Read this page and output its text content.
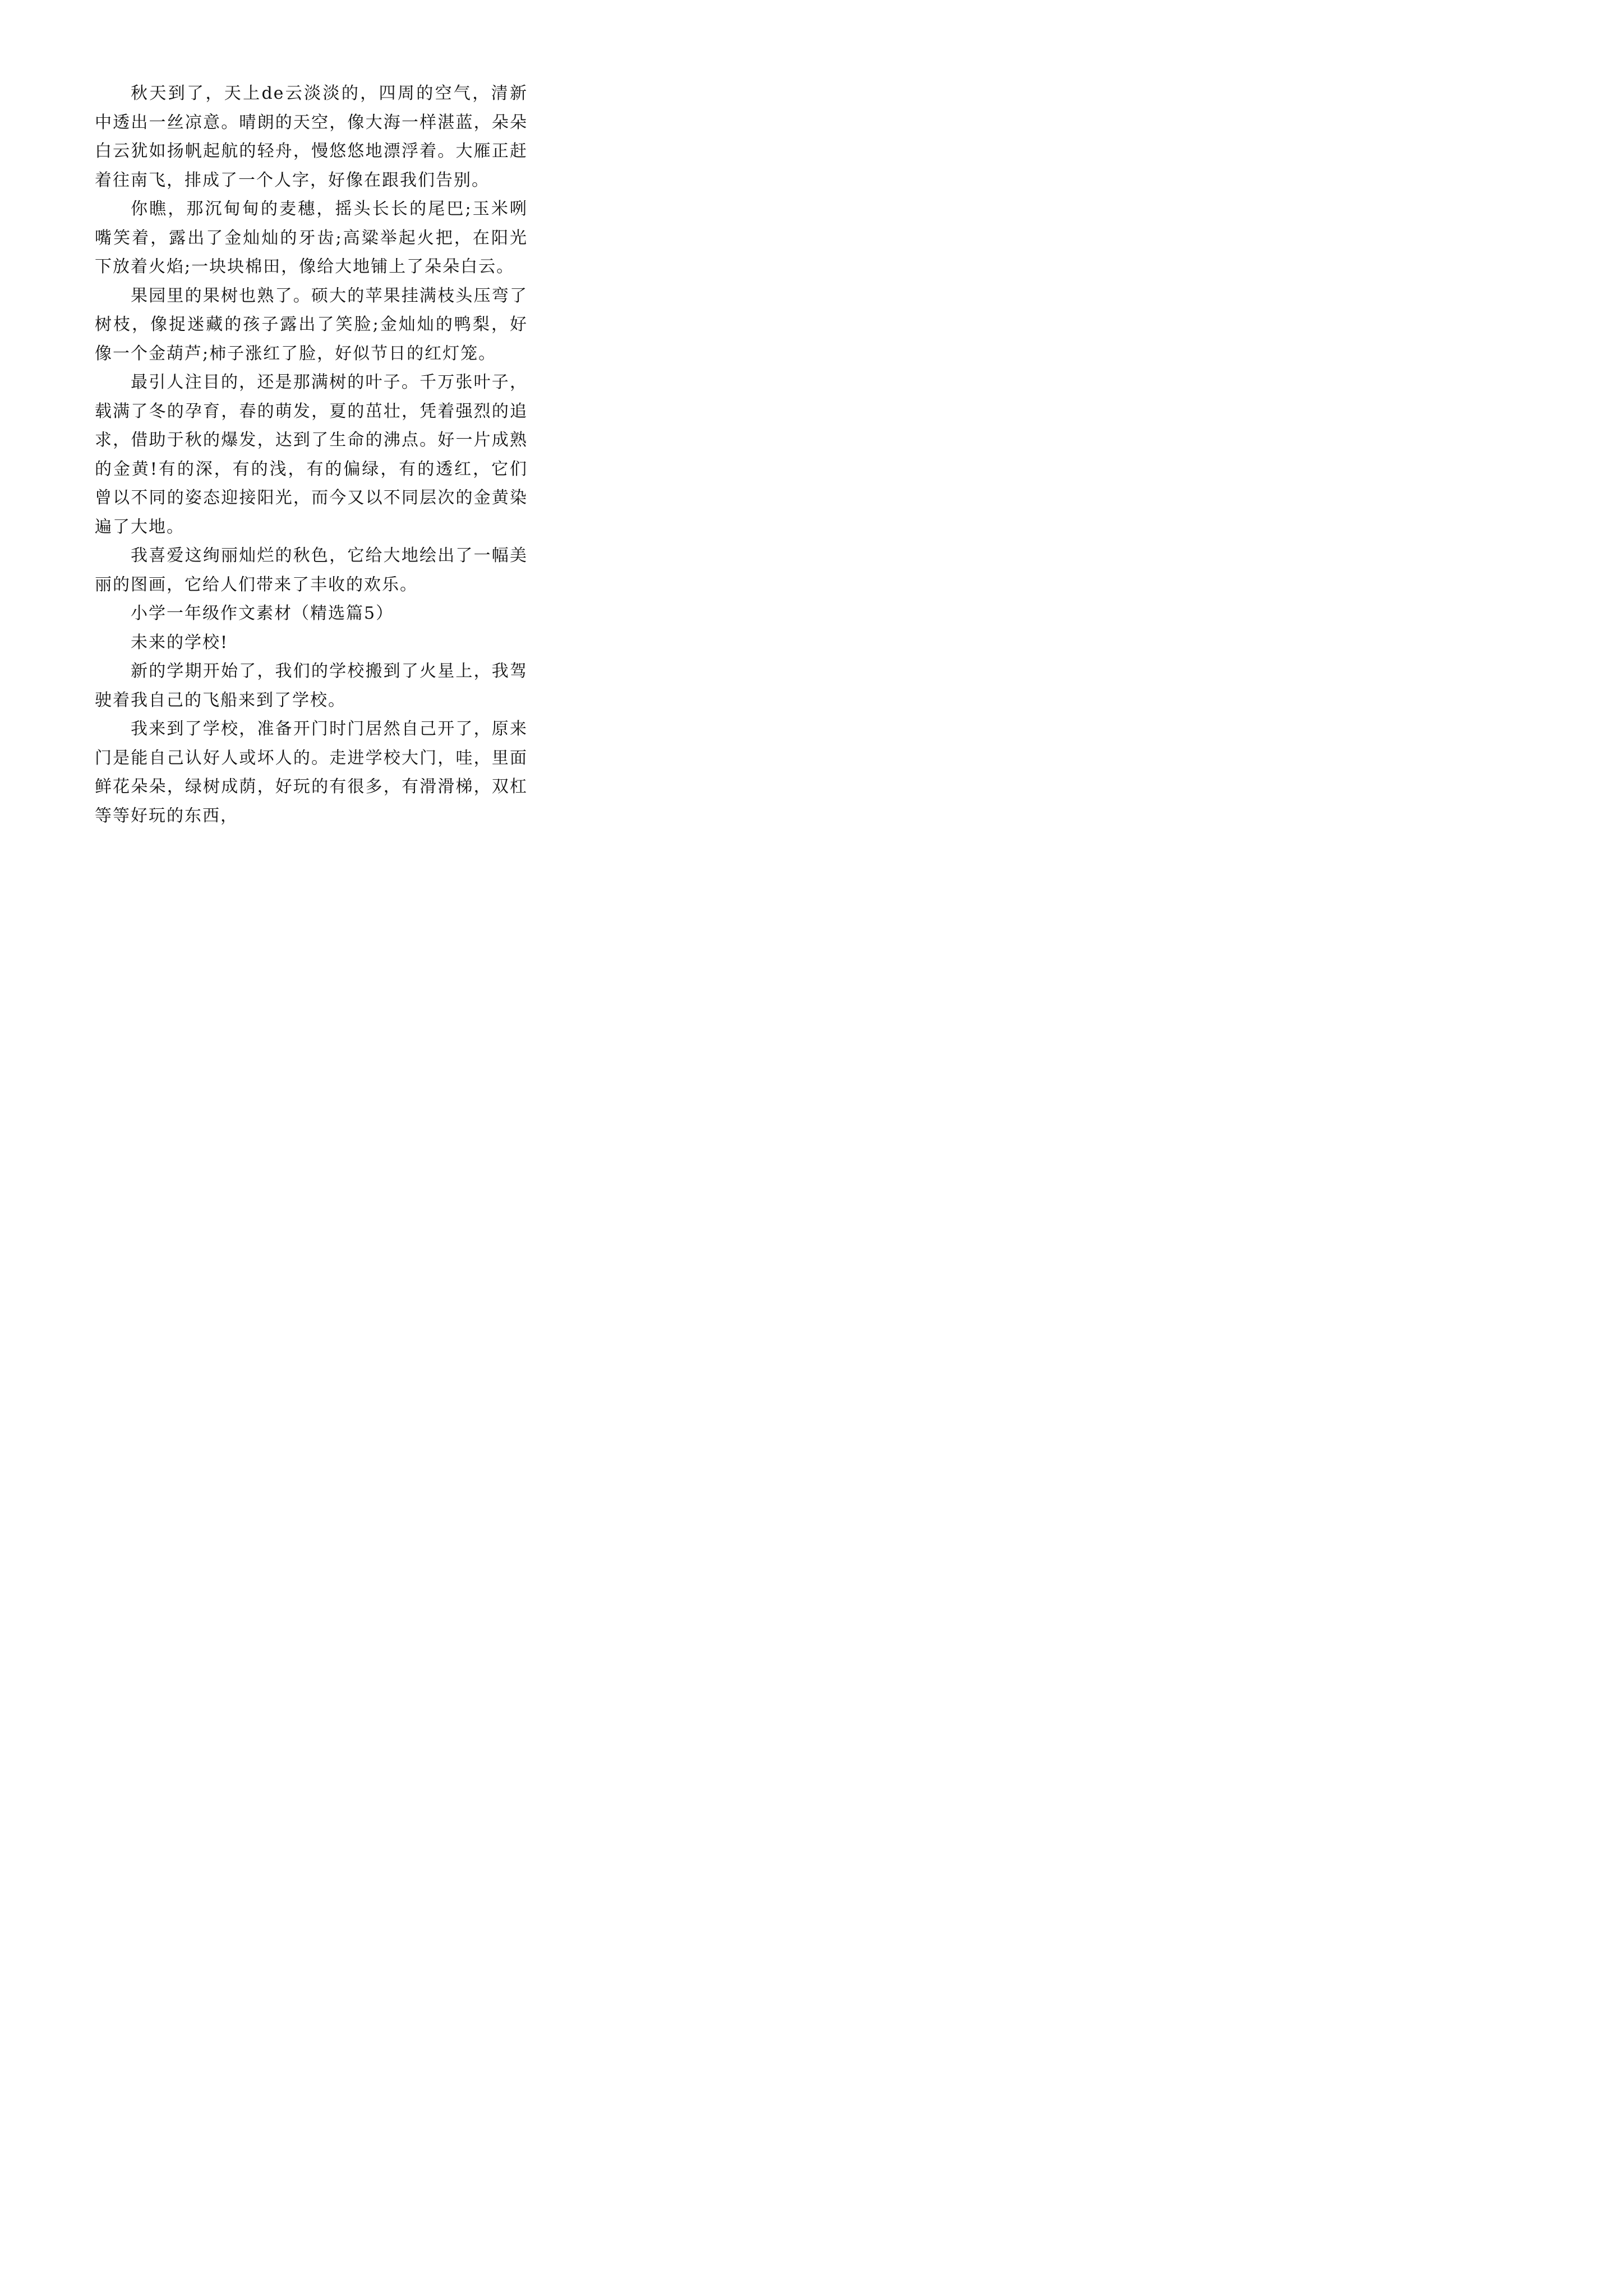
秋天到了，天上de云淡淡的，四周的空气，清新中透出一丝凉意。晴朗的天空，像大海一样湛蓝，朵朵白云犹如扬帆起航的轻舟，慢悠悠地漂浮着。大雁正赶着往南飞，排成了一个人字，好像在跟我们告别。

你瞧，那沉甸甸的麦穗，摇头长长的尾巴;玉米咧嘴笑着，露出了金灿灿的牙齿;高粱举起火把，在阳光下放着火焰;一块块棉田，像给大地铺上了朵朵白云。

果园里的果树也熟了。硕大的苹果挂满枝头压弯了树枝，像捉迷藏的孩子露出了笑脸;金灿灿的鸭梨，好像一个金葫芦;柿子涨红了脸，好似节日的红灯笼。

最引人注目的，还是那满树的叶子。千万张叶子，载满了冬的孕育，春的萌发，夏的茁壮，凭着强烈的追求，借助于秋的爆发，达到了生命的沸点。好一片成熟的金黄!有的深，有的浅，有的偏绿，有的透红，它们曾以不同的姿态迎接阳光，而今又以不同层次的金黄染遍了大地。

我喜爱这绚丽灿烂的秋色，它给大地绘出了一幅美丽的图画，它给人们带来了丰收的欢乐。

小学一年级作文素材（精选篇5）

未来的学校!

新的学期开始了，我们的学校搬到了火星上，我驾驶着我自己的飞船来到了学校。

我来到了学校，准备开门时门居然自己开了，原来门是能自己认好人或坏人的。走进学校大门，哇，里面鲜花朵朵，绿树成荫，好玩的有很多，有滑滑梯，双杠等等好玩的东西，
